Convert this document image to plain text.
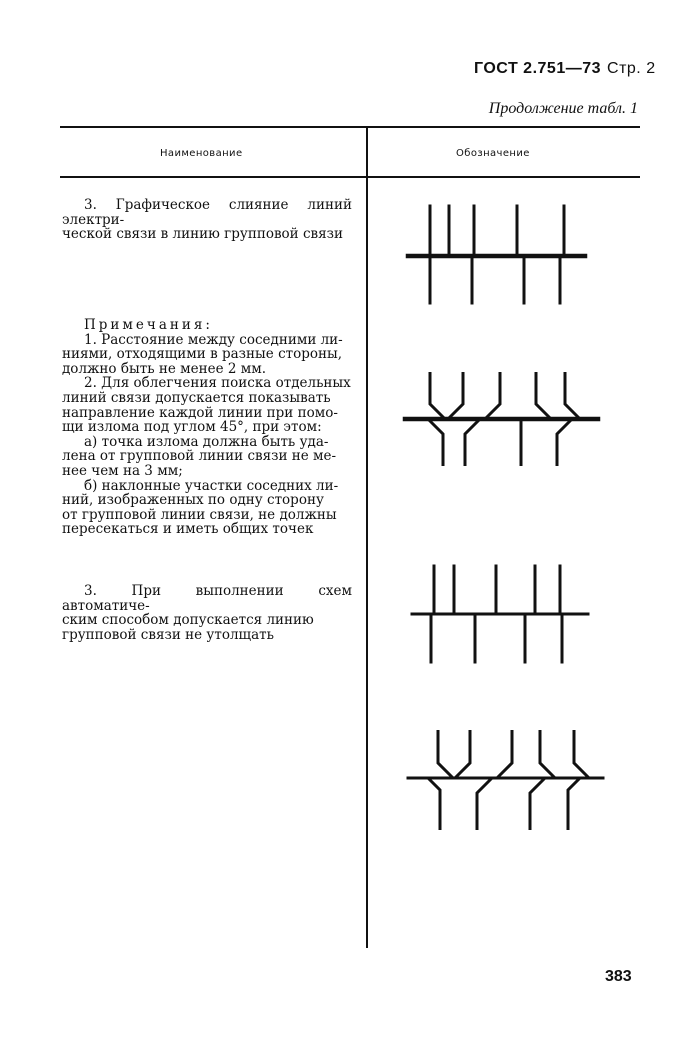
ГОСТ 2.751—73 Стр. 2
Продолжение табл. 1
Наименование	Обозначение

3. Графическое слияние линий электри-

ческой связи в линию групповой связи

Примечания:

1. Расстояние между соседними ли-

ниями, отходящими в разные стороны,

должно быть не менее 2 мм.

2. Для облегчения поиска отдельных

линий связи допускается показывать

направление каждой линии при помо-

щи излома под углом 45°, при этом:

а) точка излома должна быть уда-

лена от групповой линии связи не ме-

нее чем на 3 мм;

б) наклонные участки соседних ли-

ний, изображенных по одну сторону

от групповой линии связи, не должны

пересекаться и иметь общих точек

3. При выполнении схем автоматиче-

ским способом допускается линию

групповой связи не утолщать

383
